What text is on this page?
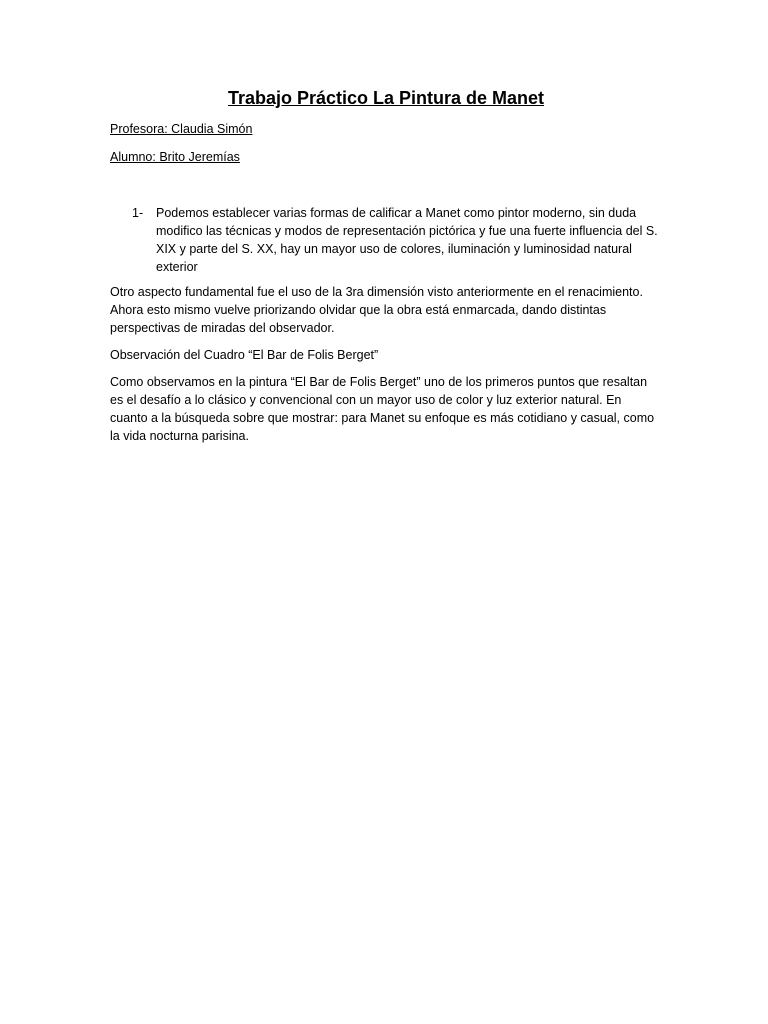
Trabajo Práctico La Pintura de Manet

Profesora: Claudia Simón

Alumno: Brito Jeremías

1-	Podemos establecer varias formas de calificar a Manet como pintor moderno, sin duda modifico las técnicas y modos de representación pictórica y fue una fuerte influencia del S. XIX y parte del S. XX, hay un mayor uso de colores, iluminación y luminosidad natural exterior

Otro aspecto fundamental fue el uso de la 3ra dimensión visto anteriormente en el renacimiento. Ahora esto mismo vuelve priorizando olvidar que la obra está enmarcada, dando distintas perspectivas de miradas del observador.

Observación del Cuadro “El Bar de Folis Berget”

Como observamos en la pintura “El Bar de Folis Berget” uno de los primeros puntos que resaltan es el desafío a lo clásico y convencional con un mayor uso de color y luz exterior natural. En cuanto a la búsqueda sobre que mostrar: para Manet su enfoque es más cotidiano y casual, como la vida nocturna parisina.
